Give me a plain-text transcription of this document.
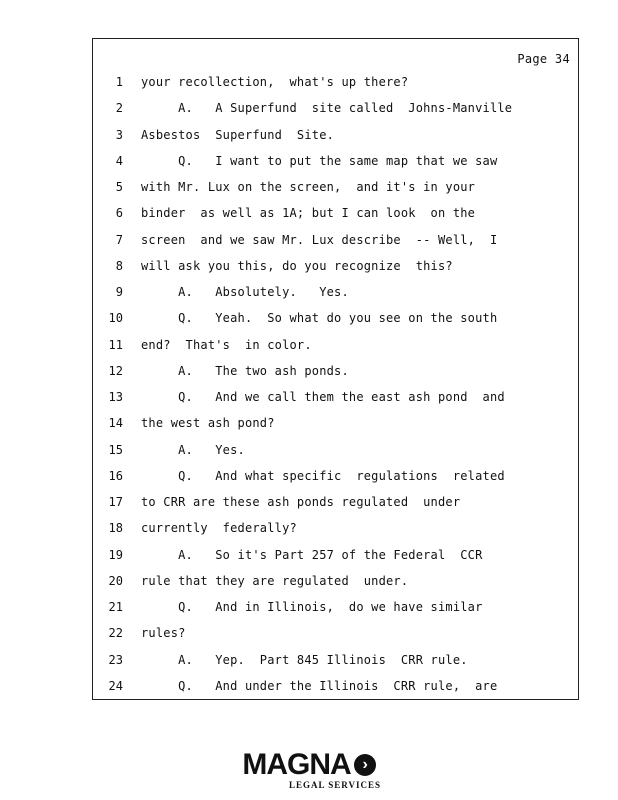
Page 34
1 your recollection,  what's up there?
2 A.   A Superfund  site called  Johns-Manville
3 Asbestos  Superfund  Site.
4 Q.   I want to put the same map that we saw
5 with Mr. Lux on the screen,  and it's in your
6 binder  as well as 1A; but I can look  on the
7 screen  and we saw Mr. Lux describe  -- Well,  I
8 will ask you this, do you recognize  this?
9 A.   Absolutely.   Yes.
10 Q.   Yeah.  So what do you see on the south
11 end?  That's  in color.
12 A.   The two ash ponds.
13 Q.   And we call them the east ash pond  and
14 the west ash pond?
15 A.   Yes.
16 Q.   And what specific  regulations  related
17 to CRR are these ash ponds regulated  under
18 currently  federally?
19 A.   So it's Part 257 of the Federal  CCR
20 rule that they are regulated  under.
21 Q.   And in Illinois,  do we have similar
22 rules?
23 A.   Yep.  Part 845 Illinois  CRR rule.
24 Q.   And under the Illinois  CRR rule,  are
MAGNA ›
LEGAL SERVICES
